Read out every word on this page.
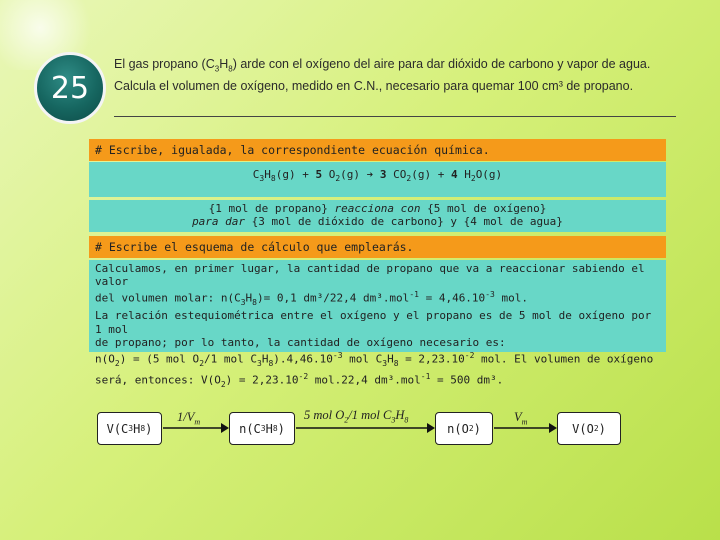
25
El gas propano $(C_3H_8)$ arde con el oxígeno del aire para dar dióxido de carbono y vapor de agua. Calcula el volumen de oxígeno, medido en C.N., necesario para quemar 100 cm³ de propano.
# Escribe, igualada, la correspondiente ecuación química.
$C_3H_8(g) + 5$ $O_2(g)$ ➔ 3 $CO_2(g) + 4$ $H_2O(g)$
{1 mol de propano} reacciona con {5 mol de oxígeno}
para dar {3 mol de dióxido de carbono} y {4 mol de agua}
# Escribe el esquema de cálculo que emplearás.
Calculamos, en primer lugar, la cantidad de propano que va a reaccionar sabiendo el valor
del volumen molar: $n(C_3H_8)= 0,1$ dm³/22,4 $dm^3.mol^{-1} = 4,46.10^{-3}$ mol.
La relación estequiométrica entre el oxígeno y el propano es de 5 mol de oxígeno por 1 mol
de propano; por lo tanto, la cantidad de oxígeno necesario es:
$n(O_2) = (5$ mol $O_2/1$ mol $C_3H_8).4,46.10^{-3}$ mol $C_3H_8 = 2,23.10^{-2}$ mol. El volumen de oxígeno
será, entonces: $V(O_2) = 2,23.10^{-2}$ mol.22,4 dm³.mol$^{-1}$ = 500 dm³.
V(C 3 H 8 )	n(C 3 H 8 )	n(O 2 )	V(O 2 )
$1/V_m$	5 mol $O_2/1$ mol $C_3H_8$	$V_m$
